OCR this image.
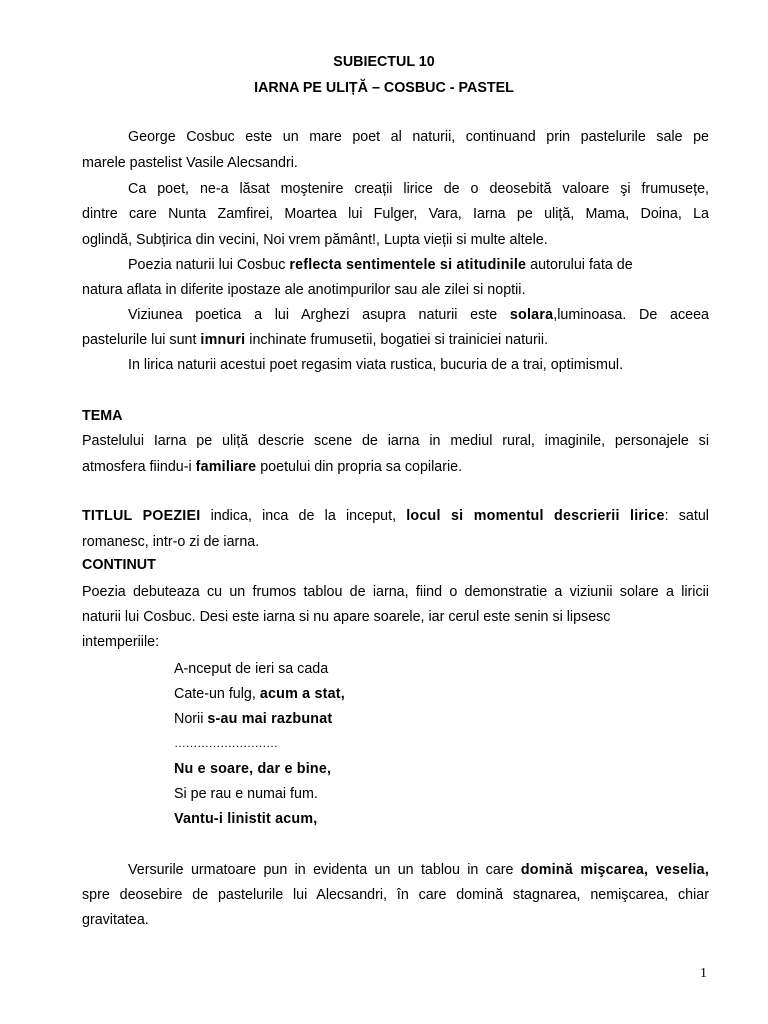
SUBIECTUL 10
IARNA PE ULIȚĂ – COSBUC - PASTEL
George Cosbuc este un mare poet al naturii, continuand prin pastelurile sale pe
marele pastelist Vasile Alecsandri.
Ca poet, ne-a lăsat moştenire creații lirice de o deosebită valoare şi frumusețe,
dintre care Nunta Zamfirei, Moartea lui Fulger, Vara, Iarna pe uliță, Mama, Doina, La
oglindă, Subțirica din vecini, Noi vrem pământ!, Lupta vieții si multe altele.
Poezia naturii lui Cosbuc reflecta sentimentele si atitudinile autorului fata de
natura aflata in diferite ipostaze ale anotimpurilor sau ale zilei si noptii.
Viziunea poetica a lui Arghezi asupra naturii este solara,luminoasa. De aceea
pastelurile lui sunt imnuri inchinate frumusetii, bogatiei si trainiciei naturii.
In lirica naturii acestui poet regasim viata rustica, bucuria de a trai, optimismul.
TEMA
Pastelului Iarna pe uliță descrie scene de iarna in mediul rural, imaginile, personajele si
atmosfera fiindu-i familiare poetului din propria sa copilarie.
TITLUL POEZIEI indica, inca de la inceput, locul si momentul descrierii lirice: satul
romanesc, intr-o zi de iarna.
CONTINUT
Poezia debuteaza cu un frumos tablou de iarna, fiind o demonstratie a viziunii solare a liricii
naturii lui Cosbuc. Desi este iarna si nu apare soarele, iar cerul este senin si lipsesc
intemperiile:
A-nceput de ieri sa cada
Cate-un fulg, acum a stat,
Norii s-au mai razbunat
………………………
Nu e soare, dar e bine,
Si pe rau e numai fum.
Vantu-i linistit acum,
Versurile urmatoare pun in evidenta un un tablou in care domină mişcarea, veselia,
spre deosebire de pastelurile lui Alecsandri, în care domină stagnarea, nemişcarea, chiar
gravitatea.
1
